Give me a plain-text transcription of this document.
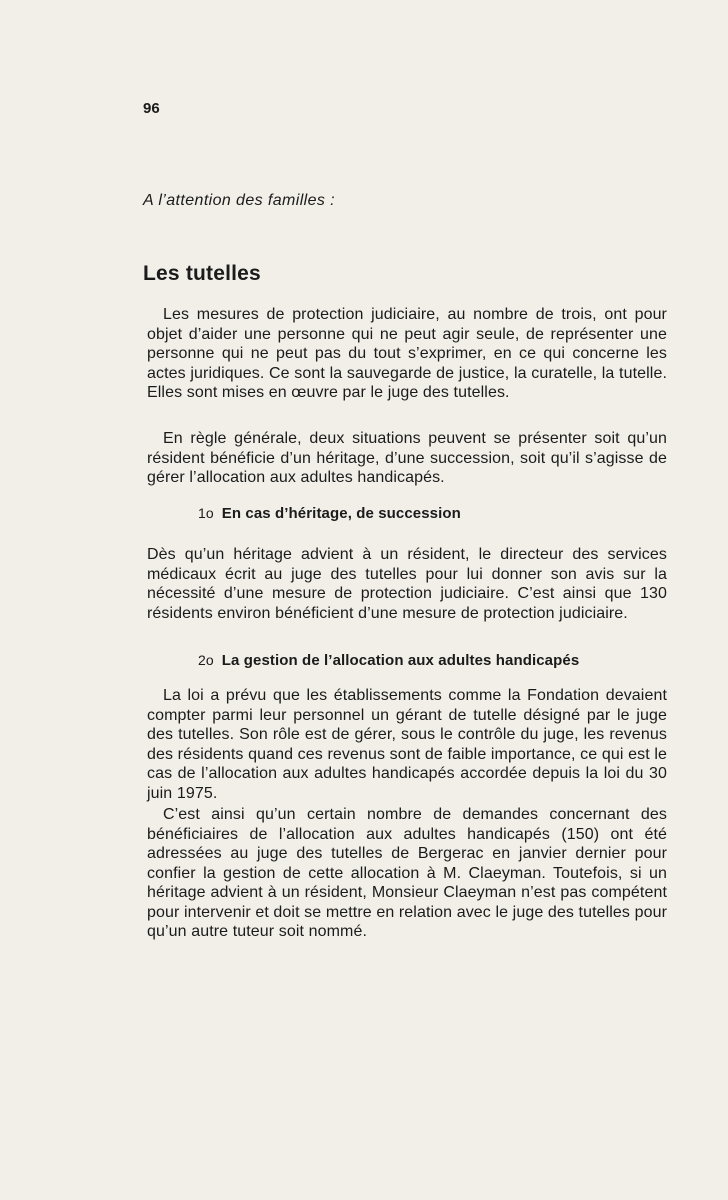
96
A l’attention des familles :
Les tutelles

Les mesures de protection judiciaire, au nombre de trois, ont pour objet d’aider une personne qui ne peut agir seule, de représenter une personne qui ne peut pas du tout s’exprimer, en ce qui concerne les actes juridiques. Ce sont la sauvegarde de justice, la curatelle, la tutelle. Elles sont mises en œuvre par le juge des tutelles.

En règle générale, deux situations peuvent se présenter soit qu’un résident bénéficie d’un héritage, d’une succession, soit qu’il s’agisse de gérer l’allocation aux adultes handicapés.

1o En cas d’héritage, de succession

Dès qu’un héritage advient à un résident, le directeur des services médicaux écrit au juge des tutelles pour lui donner son avis sur la nécessité d’une mesure de protection judiciaire. C’est ainsi que 130 résidents environ bénéficient d’une mesure de protection judiciaire.

2o La gestion de l’allocation aux adultes handicapés

La loi a prévu que les établissements comme la Fondation devaient compter parmi leur personnel un gérant de tutelle désigné par le juge des tutelles. Son rôle est de gérer, sous le contrôle du juge, les revenus des résidents quand ces revenus sont de faible importance, ce qui est le cas de l’allocation aux adultes handicapés accordée depuis la loi du 30 juin 1975.

C’est ainsi qu’un certain nombre de demandes concernant des bénéficiaires de l’allocation aux adultes handicapés (150) ont été adressées au juge des tutelles de Bergerac en janvier dernier pour confier la gestion de cette allocation à M. Claeyman. Toutefois, si un héritage advient à un résident, Monsieur Claeyman n’est pas compétent pour intervenir et doit se mettre en relation avec le juge des tutelles pour qu’un autre tuteur soit nommé.
